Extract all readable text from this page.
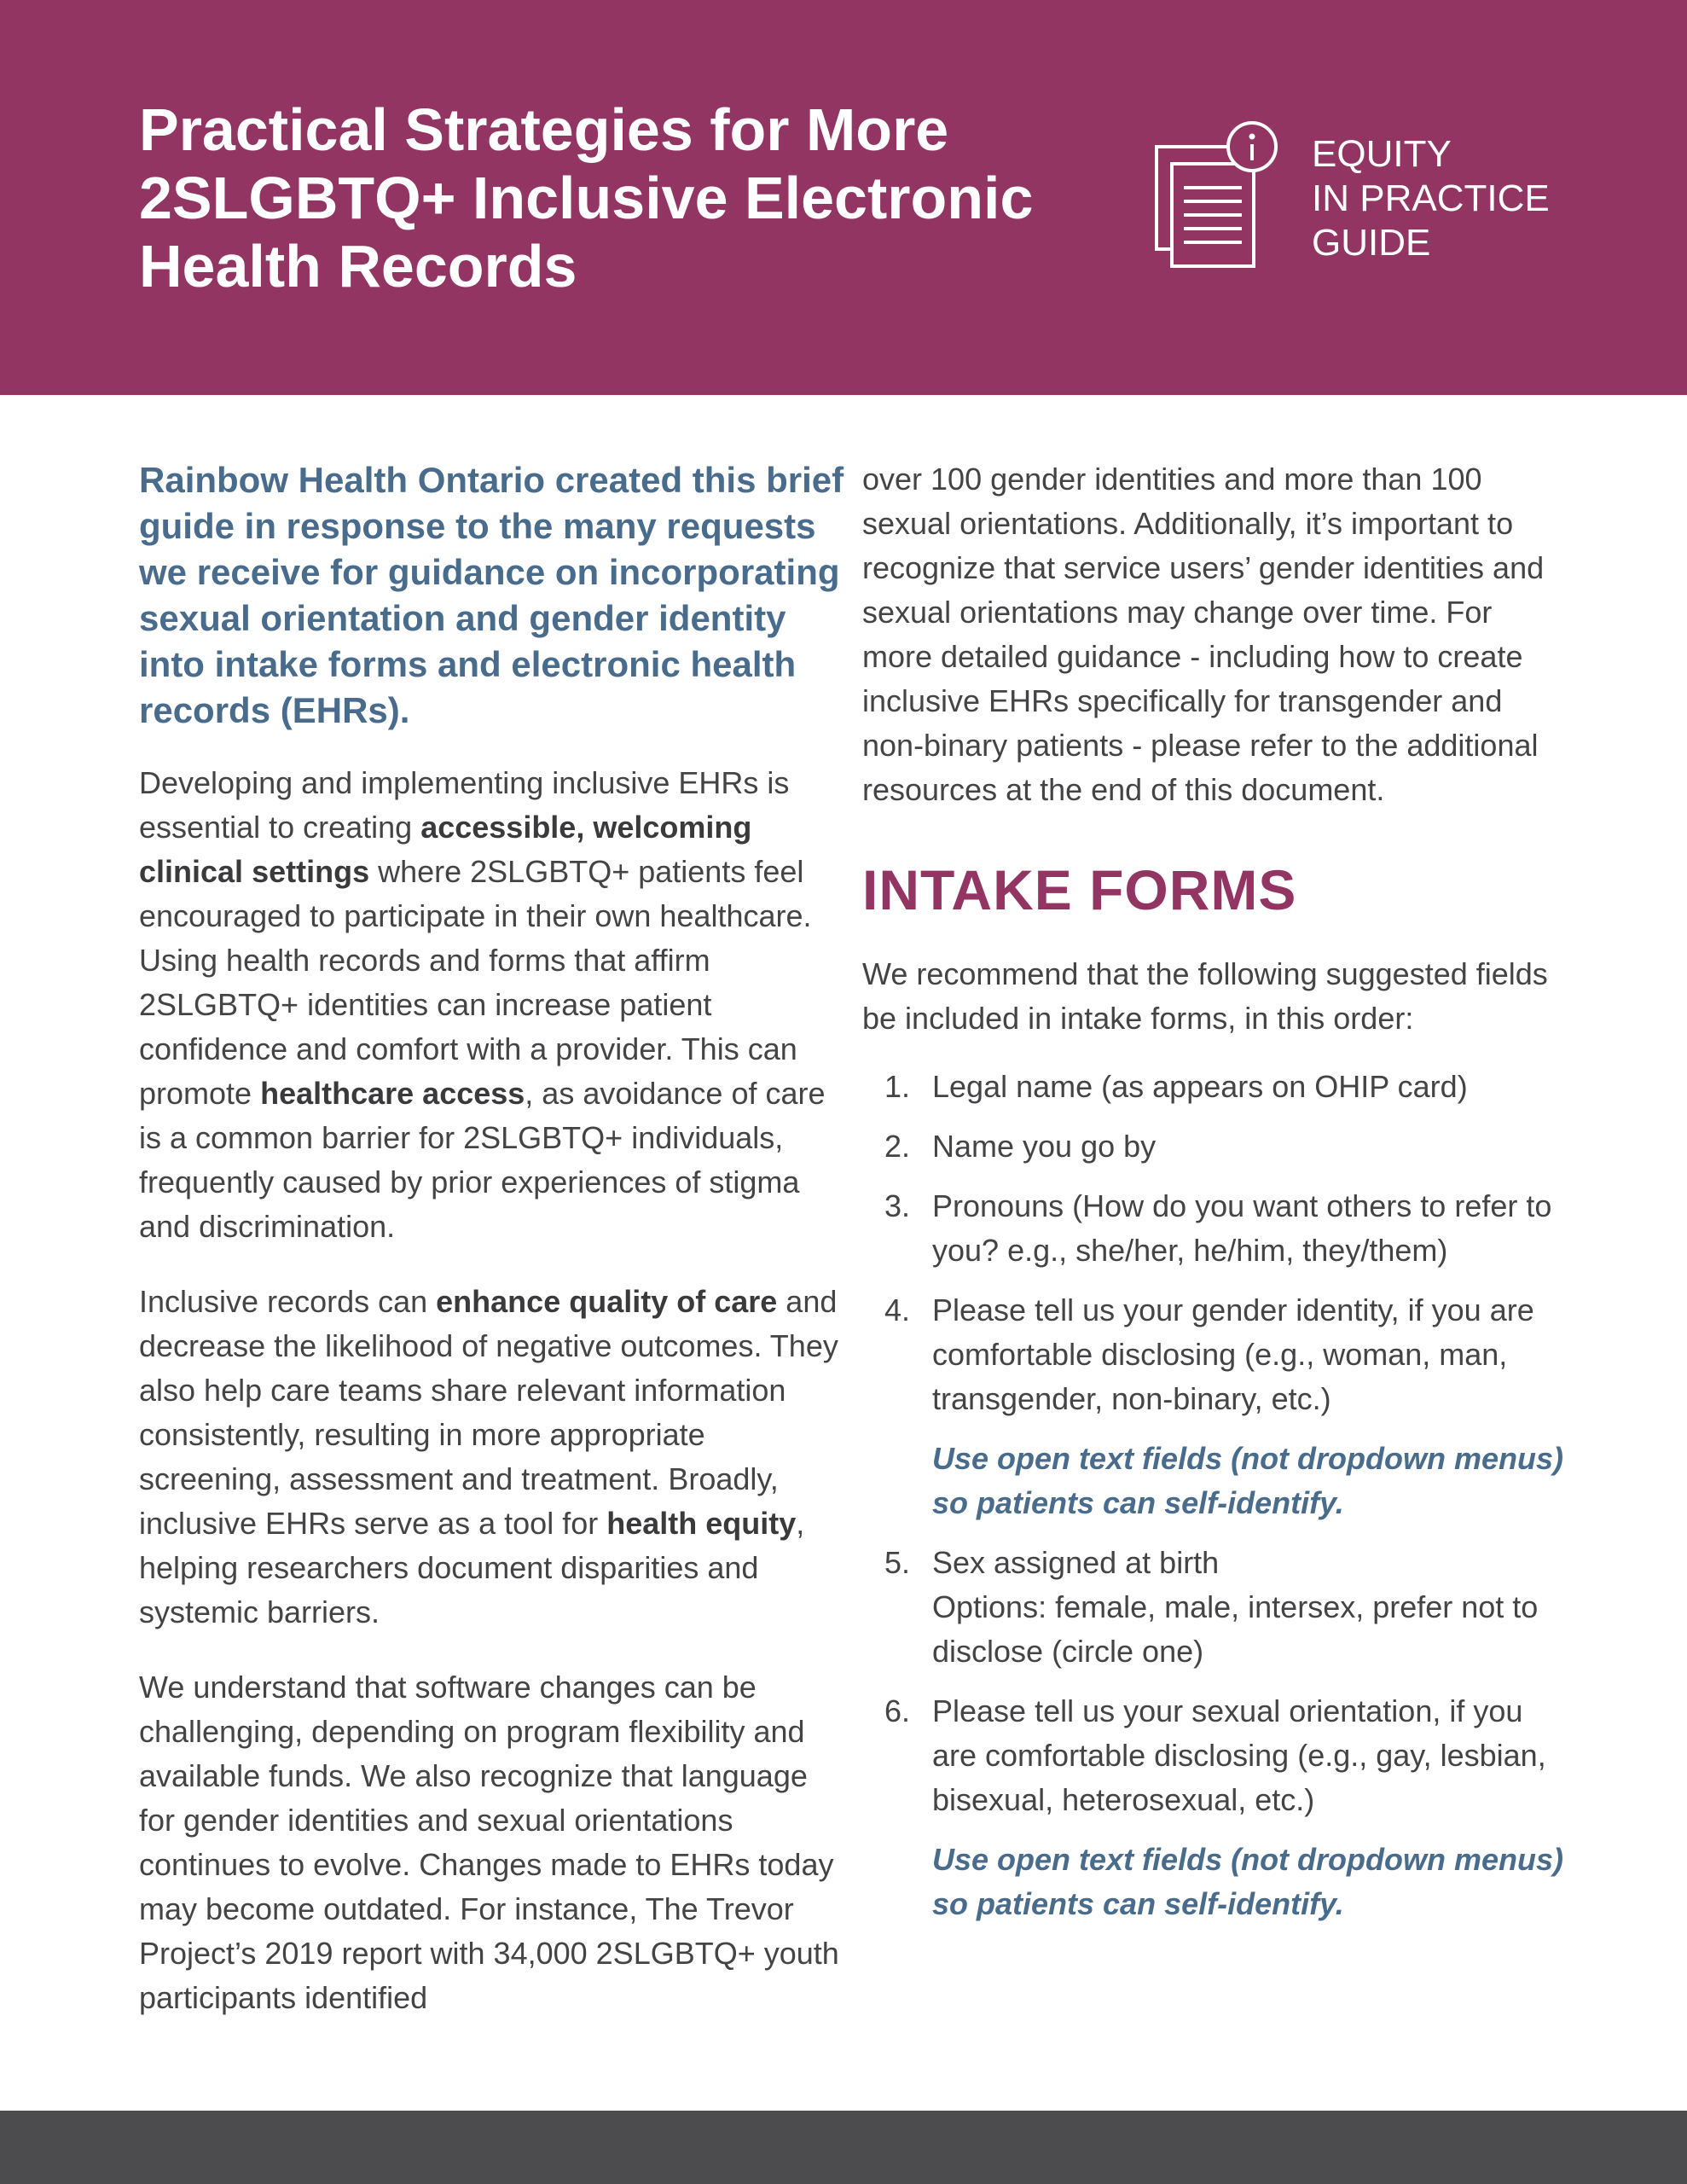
Practical Strategies for More 2SLGBTQ+ Inclusive Electronic Health Records
EQUITY
IN PRACTICE
GUIDE

Rainbow Health Ontario created this brief guide in response to the many requests we receive for guidance on incorporating sexual orientation and gender identity into intake forms and electronic health records (EHRs).

Developing and implementing inclusive EHRs is essential to creating accessible, welcoming clinical settings where 2SLGBTQ+ patients feel encouraged to participate in their own healthcare. Using health records and forms that affirm 2SLGBTQ+ identities can increase patient confidence and comfort with a provider. This can promote healthcare access, as avoidance of care is a common barrier for 2SLGBTQ+ individuals, frequently caused by prior experiences of stigma and discrimination.

Inclusive records can enhance quality of care and decrease the likelihood of negative outcomes. They also help care teams share relevant information consistently, resulting in more appropriate screening, assessment and treatment. Broadly, inclusive EHRs serve as a tool for health equity, helping researchers document disparities and systemic barriers.

We understand that software changes can be challenging, depending on program flexibility and available funds. We also recognize that language for gender identities and sexual orientations continues to evolve. Changes made to EHRs today may become outdated. For instance, The Trevor Project’s 2019 report with 34,000 2SLGBTQ+ youth participants identified

over 100 gender identities and more than 100 sexual orientations. Additionally, it’s important to recognize that service users’ gender identities and sexual orientations may change over time. For more detailed guidance - including how to create inclusive EHRs specifically for transgender and non-binary patients - please refer to the additional resources at the end of this document.

INTAKE FORMS

We recommend that the following suggested fields be included in intake forms, in this order:

1. Legal name (as appears on OHIP card)
2. Name you go by
3. Pronouns (How do you want others to refer to you? e.g., she/her, he/him, they/​them)
4. Please tell us your gender identity, if you are comfortable disclosing (e.g., woman, man, transgender, non-binary, etc.)
Use open text fields (not dropdown menus) so patients can self-identify.
5. Sex assigned at birth
Options: female, male, intersex, prefer not to disclose (circle one)
6. Please tell us your sexual orientation, if you are comfortable disclosing (e.g., gay, lesbian, bisexual, heterosexual, etc.)
Use open text fields (not dropdown menus) so patients can self-identify.
